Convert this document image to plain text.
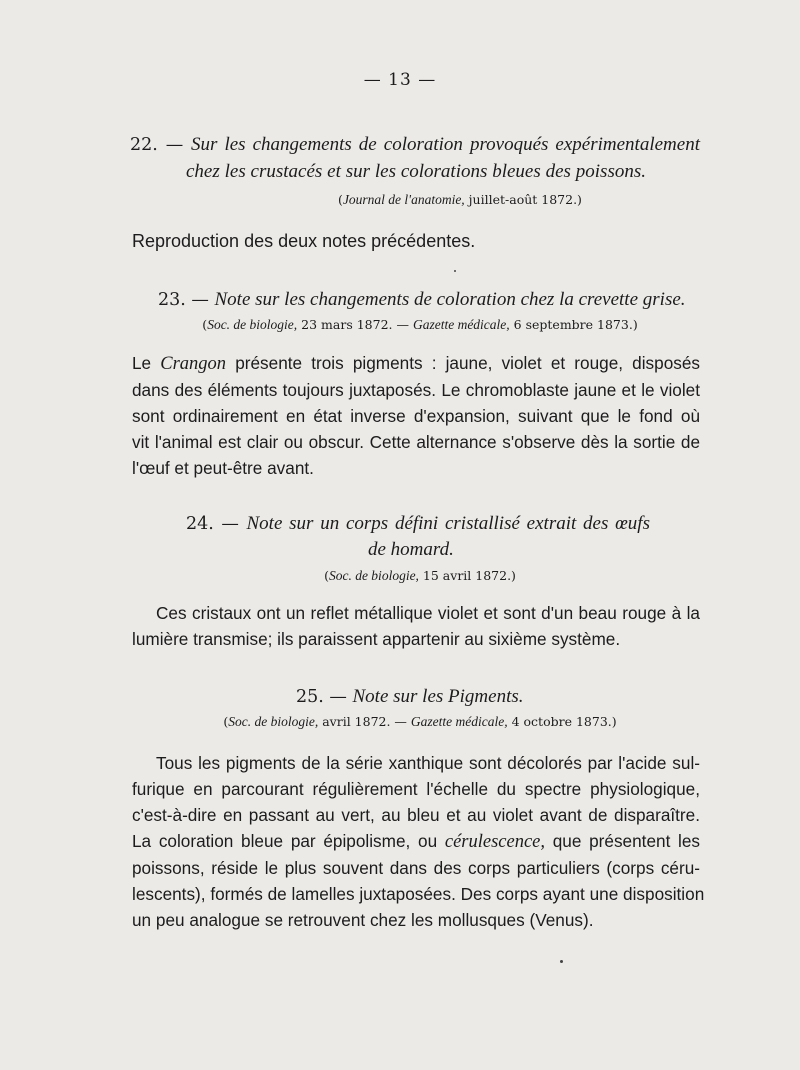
— 13 —
22. — Sur les changements de coloration provoqués expérimentalement
chez les crustacés et sur les colorations bleues des poissons.
(Journal de l'anatomie, juillet-août 1872.)
Reproduction des deux notes précédentes.
23. — Note sur les changements de coloration chez la crevette grise.
(Soc. de biologie, 23 mars 1872. — Gazette médicale, 6 septembre 1873.)
Le Crangon présente trois pigments : jaune, violet et rouge, disposés
dans des éléments toujours juxtaposés. Le chromoblaste jaune et le violet
sont ordinairement en état inverse d'expansion, suivant que le fond où
vit l'animal est clair ou obscur. Cette alternance s'observe dès la sortie de
l'œuf et peut-être avant.
24. — Note sur un corps défini cristallisé extrait des œufs
de homard.
(Soc. de biologie, 15 avril 1872.)
Ces cristaux ont un reflet métallique violet et sont d'un beau rouge à la
lumière transmise; ils paraissent appartenir au sixième système.
25. — Note sur les Pigments.
(Soc. de biologie, avril 1872. — Gazette médicale, 4 octobre 1873.)
Tous les pigments de la série xanthique sont décolorés par l'acide sul-
furique en parcourant régulièrement l'échelle du spectre physiologique,
c'est-à-dire en passant au vert, au bleu et au violet avant de disparaître.
La coloration bleue par épipolisme, ou cérulescence, que présentent les
poissons, réside le plus souvent dans des corps particuliers (corps céru-
lescents), formés de lamelles juxtaposées. Des corps ayant une disposition
un peu analogue se retrouvent chez les mollusques (Venus).
